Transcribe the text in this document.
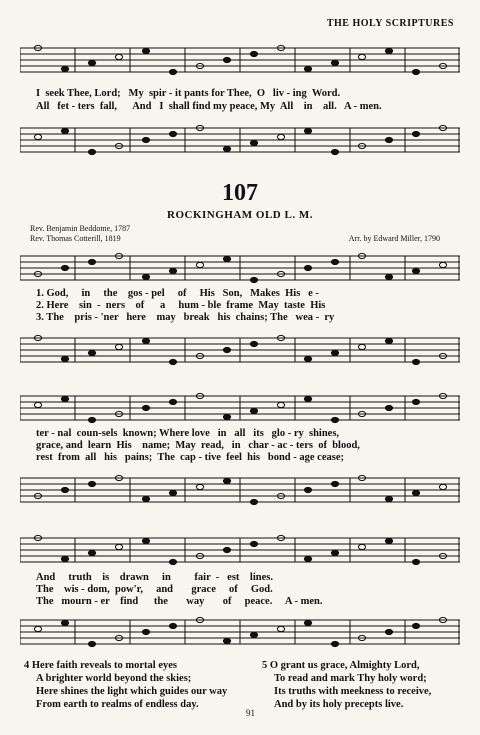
THE HOLY SCRIPTURES
I  seek Thee, Lord;   My  spir - it pants for Thee,  O   liv - ing  Word.
All   fet - ters  fall,      And   I  shall find my peace, My  All    in    all.   A - men.
107
ROCKINGHAM OLD L. M.
Rev. Benjamin Beddome, 1787
Rev. Thomas Cotterill, 1819	Arr. by Edward Miller, 1790
1. God,     in     the    gos - pel     of     His   Son,   Makes  His   e -
2. Here    sin  -  ners    of      a     hum - ble  frame  May  taste  His
3. The    pris - 'ner   here    may   break   his  chains; The   wea -  ry
ter - nal  coun-sels  known; Where love   in   all   its   glo - ry  shines,
grace, and  learn  His    name;  May  read,   in   char - ac - ters  of  blood,
rest  from  all   his   pains;  The  cap - tive  feel  his   bond - age cease;
And     truth    is    drawn     in         fair  -   est    lines.
The    wis - dom,  pow'r,     and       grace     of     God.
The   mourn - er    find      the       way       of     peace.     A - men.
4 Here faith reveals to mortal eyes
A brighter world beyond the skies;
Here shines the light which guides our way
From earth to realms of endless day.
5 O grant us grace, Almighty Lord,
To read and mark Thy holy word;
Its truths with meekness to receive,
And by its holy precepts live.
91
